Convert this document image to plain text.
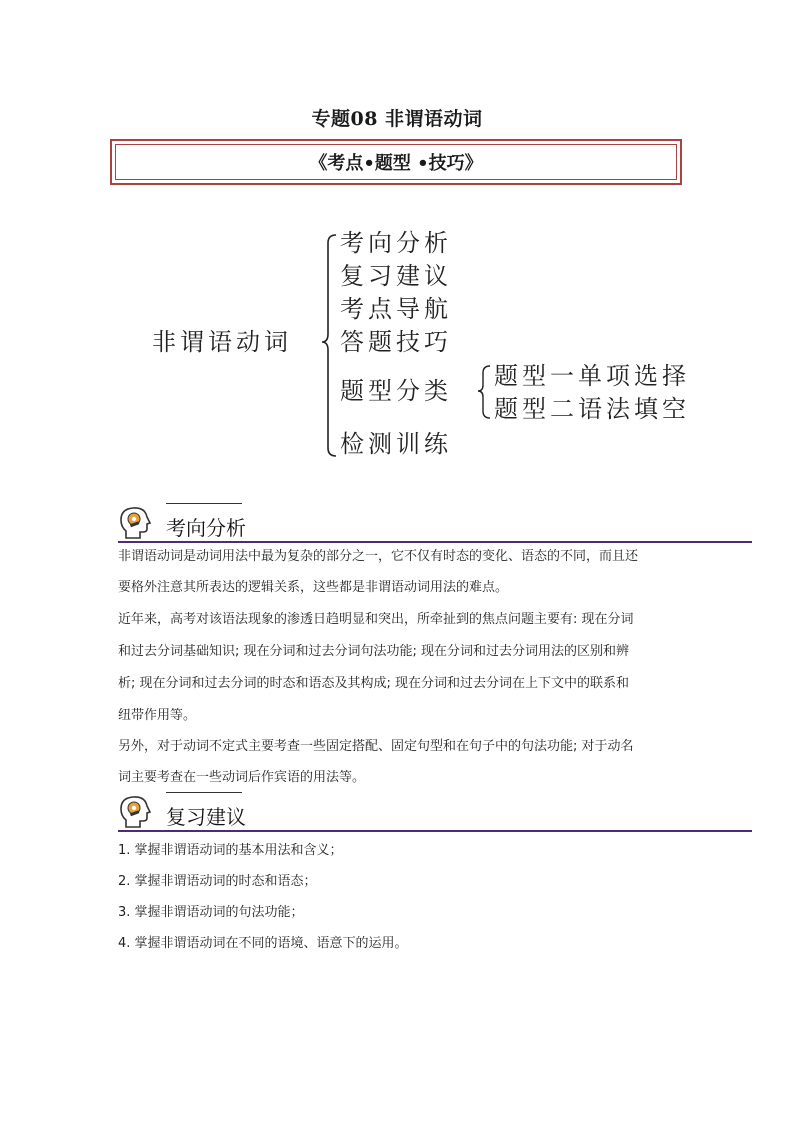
专题08 非谓语动词
《考点•题型 •技巧》
非谓语动词
考向分析
复习建议
考点导航
答题技巧
题型分类
检测训练
题型一单项选择
题型二语法填空
考向分析
非谓语动词是动词用法中最为复杂的部分之一，它不仅有时态的变化、语态的不同，而且还
要格外注意其所表达的逻辑关系，这些都是非谓语动词用法的难点。
近年来，高考对该语法现象的渗透日趋明显和突出，所牵扯到的焦点问题主要有: 现在分词
和过去分词基础知识; 现在分词和过去分词句法功能; 现在分词和过去分词用法的区别和辨
析; 现在分词和过去分词的时态和语态及其构成; 现在分词和过去分词在上下文中的联系和
纽带作用等。
另外，对于动词不定式主要考查一些固定搭配、固定句型和在句子中的句法功能; 对于动名
词主要考查在一些动词后作宾语的用法等。
复习建议
1. 掌握非谓语动词的基本用法和含义；
2. 掌握非谓语动词的时态和语态；
3. 掌握非谓语动词的句法功能；
4. 掌握非谓语动词在不同的语境、语意下的运用。
